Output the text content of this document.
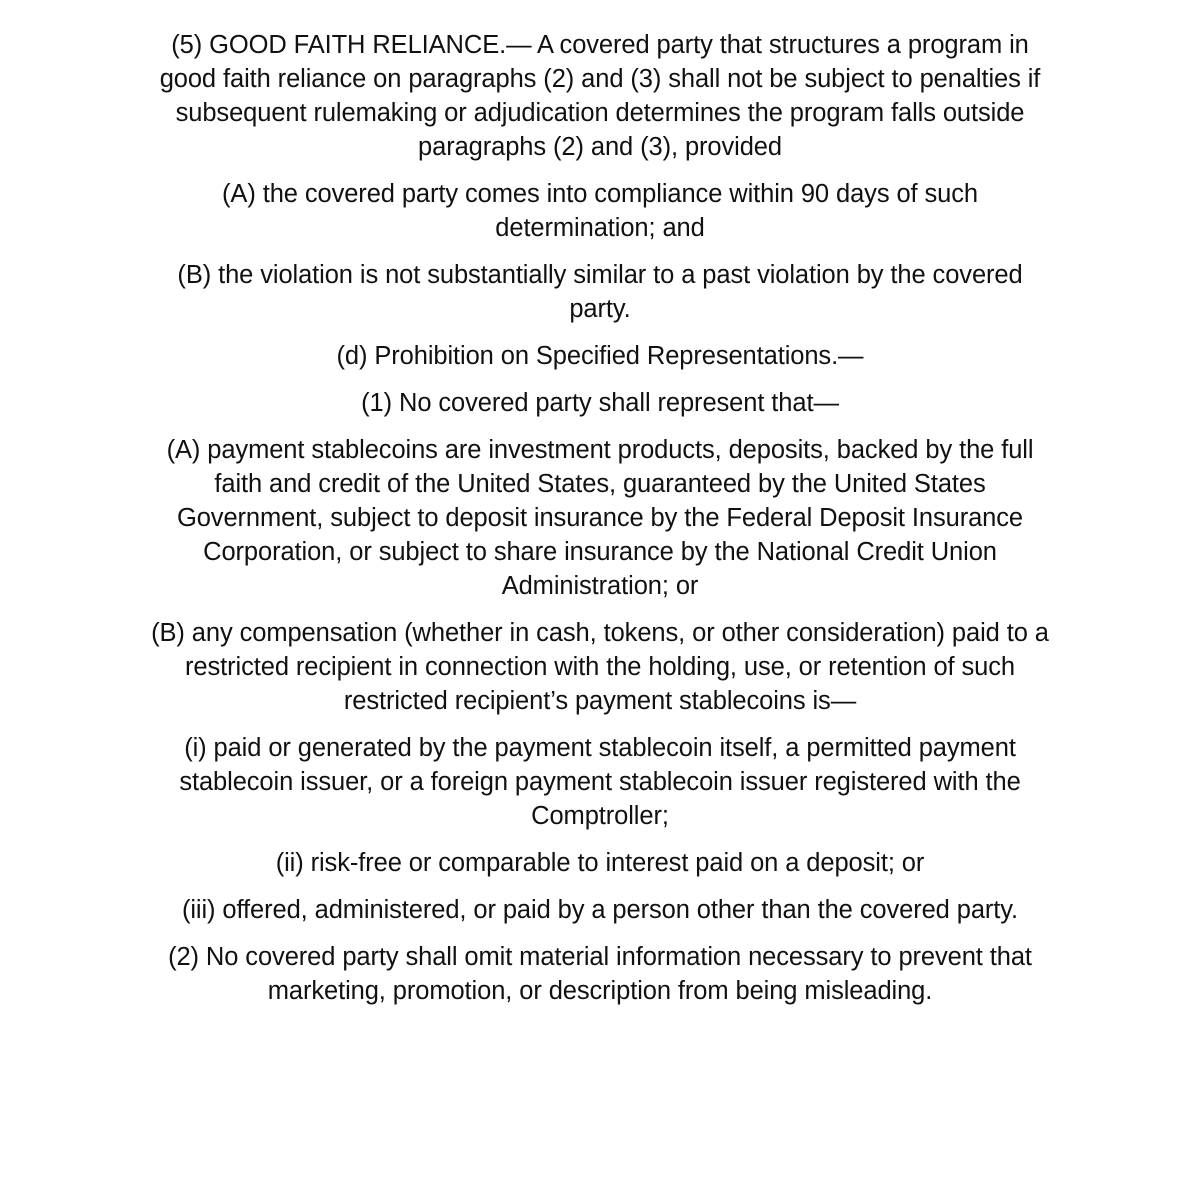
(5) GOOD FAITH RELIANCE.— A covered party that structures a program in good faith reliance on paragraphs (2) and (3) shall not be subject to penalties if subsequent rulemaking or adjudication determines the program falls outside paragraphs (2) and (3), provided

(A) the covered party comes into compliance within 90 days of such determination; and

(B) the violation is not substantially similar to a past violation by the covered party.

(d) Prohibition on Specified Representations.—

(1) No covered party shall represent that—

(A) payment stablecoins are investment products, deposits, backed by the full faith and credit of the United States, guaranteed by the United States Government, subject to deposit insurance by the Federal Deposit Insurance Corporation, or subject to share insurance by the National Credit Union Administration; or

(B) any compensation (whether in cash, tokens, or other consideration) paid to a restricted recipient in connection with the holding, use, or retention of such restricted recipient’s payment stablecoins is—

(i) paid or generated by the payment stablecoin itself, a permitted payment stablecoin issuer, or a foreign payment stablecoin issuer registered with the Comptroller;

(ii) risk-free or comparable to interest paid on a deposit; or

(iii) offered, administered, or paid by a person other than the covered party.

(2) No covered party shall omit material information necessary to prevent that marketing, promotion, or description from being misleading.
